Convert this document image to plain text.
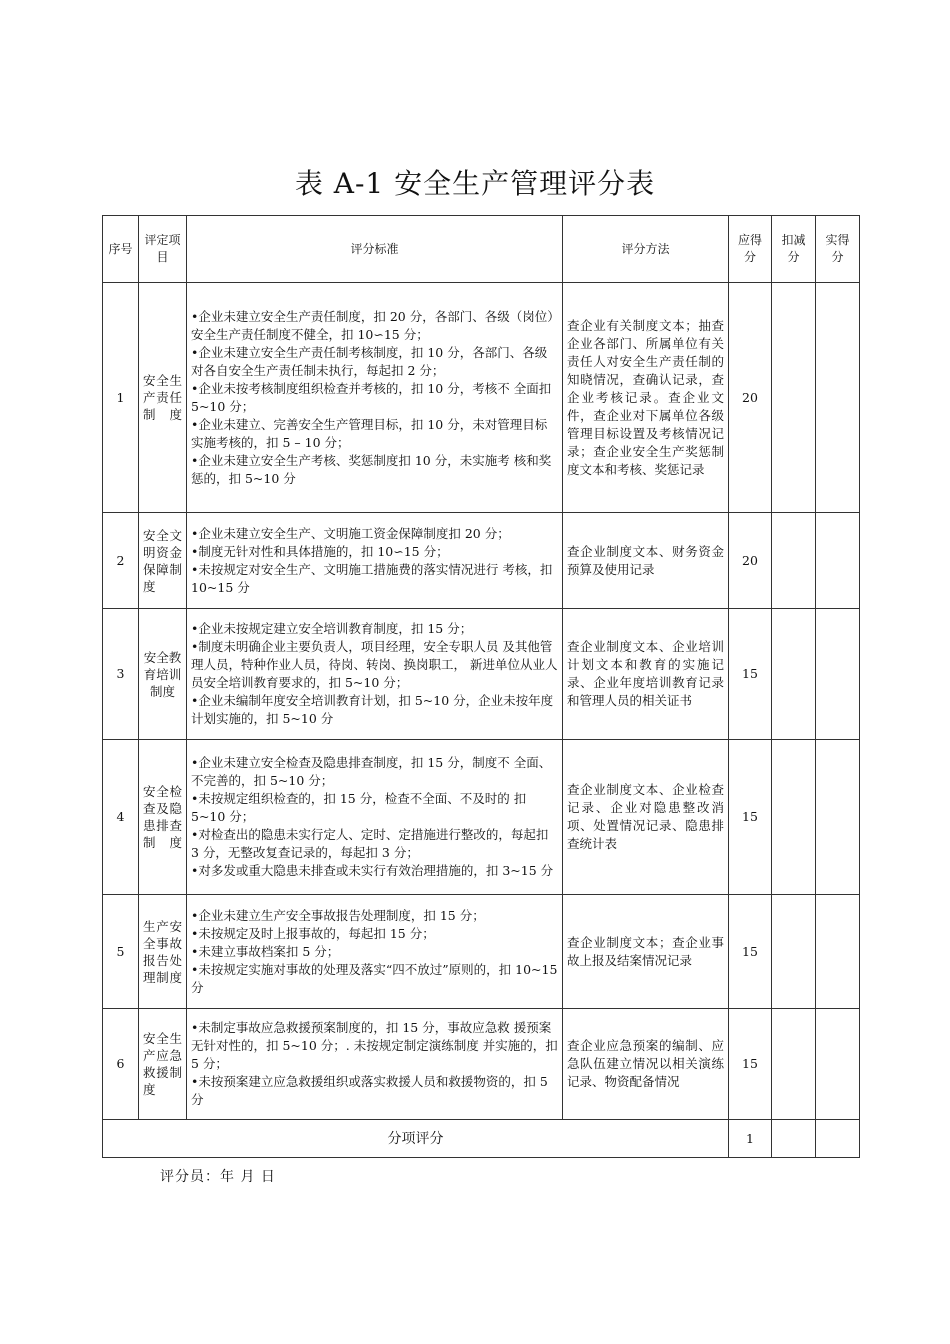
表 A-1 安全生产管理评分表
序号	评定项目	评分标准	评分方法	应得分	扣减分	实得分
1	安全生产责任制度	•企业未建立安全生产责任制度，扣 20 分，各部门、各级（岗位）安全生产责任制度不健全，扣 10∽15 分；
•企业未建立安全生产责任制考核制度，扣 10 分，各部门、各级对各自安全生产责任制未执行，每起扣 2 分；
•企业未按考核制度组织检查并考核的，扣 10 分，考核不 全面扣 5~10 分；
•企业未建立、完善安全生产管理目标，扣 10 分，未对管理目标实施考核的，扣 5 – 10 分；
•企业未建立安全生产考核、奖惩制度扣 10 分，未实施考 核和奖惩的，扣 5~10 分	查企业有关制度文本；抽查企业各部门、所属单位有关责任人对安全生产责任制的知晓情况，查确认记录，查企业考核记录。查企业文件，查企业对下属单位各级管理目标设置及考核情况记录；查企业安全生产奖惩制度文本和考核、奖惩记录	20		
2	安全文明资金保障制度	•企业未建立安全生产、文明施工资金保障制度扣 20 分；
•制度无针对性和具体措施的，扣 10∽15 分；
•未按规定对安全生产、文明施工措施费的落实情况进行 考核，扣 10~15 分	查企业制度文本、财务资金预算及使用记录	20		
3	安全教育培训制度	•企业未按规定建立安全培训教育制度，扣 15 分；
•制度未明确企业主要负责人，项目经理，安全专职人员 及其他管理人员，特种作业人员，待岗、转岗、换岗职工， 新进单位从业人员安全培训教育要求的，扣 5~10 分；
•企业未编制年度安全培训教育计划，扣 5~10 分，企业未按年度计划实施的，扣 5~10 分	查企业制度文本、企业培训计划文本和教育的实施记录、企业年度培训教育记录和管理人员的相关证书	15		
4	安全检查及隐患排查制度	•企业未建立安全检查及隐患排查制度，扣 15 分，制度不 全面、不完善的，扣 5~10 分；
•未按规定组织检查的，扣 15 分，检查不全面、不及时的 扣 5~10 分；
•对检查出的隐患未实行定人、定时、定措施进行整改的，每起扣 3 分，无整改复查记录的，每起扣 3 分；
•对多发或重大隐患未排查或未实行有效治理措施的，扣 3~15 分	查企业制度文本、企业检查记录、企业对隐患整改消项、处置情况记录、隐患排查统计表	15		
5	生产安全事故报告处理制度	•企业未建立生产安全事故报告处理制度，扣 15 分；
•未按规定及时上报事故的，每起扣 15 分；
•未建立事故档案扣 5 分；
•未按规定实施对事故的处理及落实“四不放过”原则的，扣 10~15 分	查企业制度文本；查企业事故上报及结案情况记录	15		
6	安全生产应急救援制度	•未制定事故应急救援预案制度的，扣 15 分，事故应急救 援预案无针对性的，扣 5~10 分；. 未按规定制定演练制度 并实施的，扣 5 分；
•未按预案建立应急救援组织或落实救援人员和救援物资的，扣 5 分	查企业应急预案的编制、应急队伍建立情况以相关演练记录、物资配备情况	15		
分项评分				1		
评分员：年 月 日
